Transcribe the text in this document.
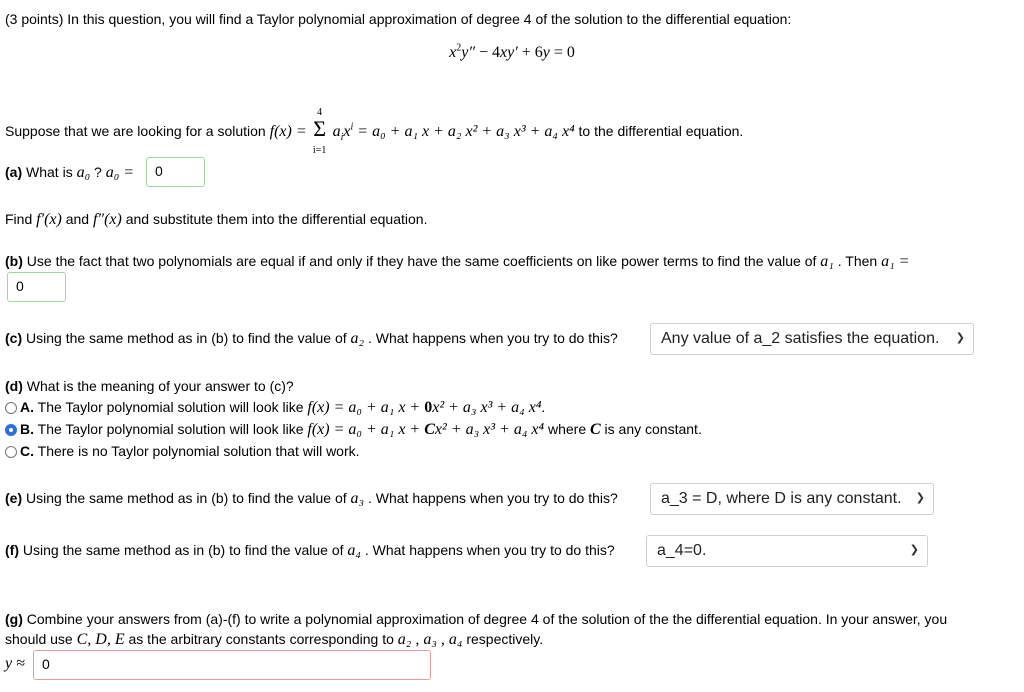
(3 points) In this question, you will find a Taylor polynomial approximation of degree 4 of the solution to the differential equation:
$x^2y'' - 4xy' + 6y = 0$
Suppose that we are looking for a solution f(x) =
4
Σ
i=1
$a_ix^i = a_0 + a_1$ x + a₂ x² + a₃ x³ + a₄ x⁴ to the differential equation.
(a) What is a₀ ? a₀ =	0
Find f′(x) and f″(x) and substitute them into the differential equation.
(b) Use the fact that two polynomials are equal if and only if they have the same coefficients on like power terms to find the value of a₁ . Then a₁ =
0
(c) Using the same method as in (b) to find the value of a₂ . What happens when you try to do this?	Any value of a_2 satisfies the equation. ❯
(d) What is the meaning of your answer to (c)?
A. The Taylor polynomial solution will look like f(x) = a₀ + a₁ x + 0x² + a₃ x³ + a₄ x⁴.
B. The Taylor polynomial solution will look like f(x) = a₀ + a₁ x + Cx² + a₃ x³ + a₄ x⁴ where C is any constant.
C. There is no Taylor polynomial solution that will work.
(e) Using the same method as in (b) to find the value of a₃ . What happens when you try to do this?	a_3 = D, where D is any constant. ❯
(f) Using the same method as in (b) to find the value of a₄ . What happens when you try to do this?	a_4=0.	❯
(g) Combine your answers from (a)-(f) to write a polynomial approximation of degree 4 of the solution of the the differential equation. In your answer, you
should use C, D, E as the arbitrary constants corresponding to a₂ , a₃ , a₄ respectively.
y ≈	0
